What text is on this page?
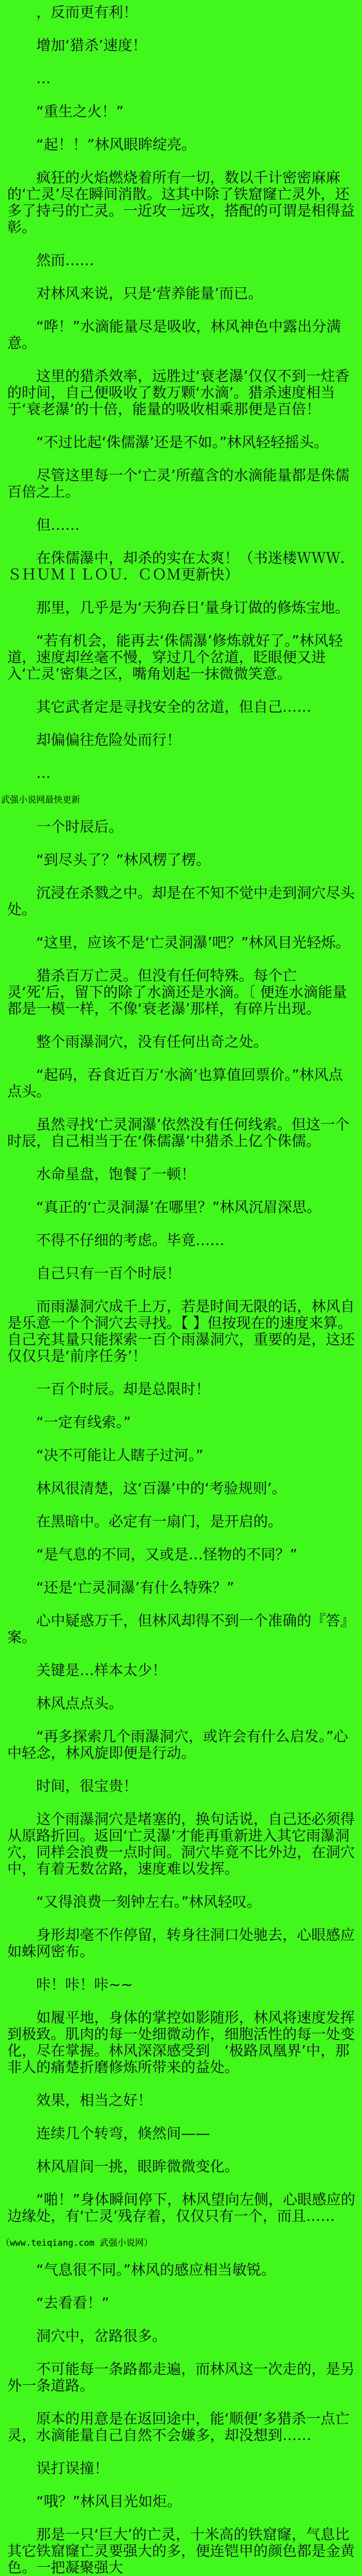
，反而更有利！

增加‘猎杀’速度！

…

“重生之火！”

“起！！”林风眼眸绽亮。

疯狂的火焰燃烧着所有一切，数以千计密密麻麻的‘亡灵’尽在瞬间消散。这其中除了铁窟窿亡灵外，还多了持弓的亡灵。一近攻一远攻，搭配的可谓是相得益彰。

然而……

对林风来说，只是‘营养能量’而已。

“哗！”水滴能量尽是吸收，林风神色中露出分满意。

这里的猎杀效率，远胜过‘衰老瀑’仅仅不到一炷香的时间，自己便吸收了数万颗‘水滴’。猎杀速度相当于‘衰老瀑’的十倍，能量的吸收相乘那便是百倍！

“不过比起‘侏儒瀑’还是不如。”林风轻轻摇头。

尽管这里每一个‘亡灵’所蕴含的水滴能量都是侏儒百倍之上。

但……

在侏儒瀑中，却杀的实在太爽！（书迷楼ＷＷＷ．ＳＨＵＭＩＬＯＵ．ＣＯＭ更新快）

那里，几乎是为‘天狗吞日’量身订做的修炼宝地。

“若有机会，能再去‘侏儒瀑’修炼就好了。”林风轻道，速度却丝毫不慢，穿过几个岔道，眨眼便又进入‘亡灵’密集之区，嘴角划起一抹微微笑意。

其它武者定是寻找安全的岔道，但自己……

却偏偏往危险处而行！

…

武强小说网最快更新

一个时辰后。

“到尽头了？”林风楞了楞。

沉浸在杀戮之中。却是在不知不觉中走到洞穴尽头处。

“这里，应该不是‘亡灵洞瀑’吧？”林风目光轻烁。

猎杀百万亡灵。但没有任何特殊。每个亡灵‘死’后，留下的除了水滴还是水滴。〔 便连水滴能量都是一模一样，不像‘衰老瀑’那样，有碎片出现。

整个雨瀑洞穴，没有任何出奇之处。

“起码，吞食近百万‘水滴’也算值回票价。”林风点点头。

虽然寻找‘亡灵洞瀑’依然没有任何线索。但这一个时辰，自己相当于在‘侏儒瀑’中猎杀上亿个侏儒。

水命星盘，饱餐了一顿！

“真正的‘亡灵洞瀑’在哪里？”林风沉眉深思。

不得不仔细的考虑。毕竟……

自己只有一百个时辰！

而雨瀑洞穴成千上万，若是时间无限的话，林风自是乐意一个个洞穴去寻找。【 】但按现在的速度来算。自己充其量只能探索一百个雨瀑洞穴，重要的是，这还仅仅只是‘前序任务’！

一百个时辰。却是总限时！

“一定有线索。”

“决不可能让人瞎子过河。”

林风很清楚，这‘百瀑’中的‘考验规则’。

在黑暗中。必定有一扇门，是开启的。

“是气息的不同，又或是…怪物的不同？”

“还是‘亡灵洞瀑’有什么特殊？”

心中疑惑万千，但林风却得不到一个准确的『答』案。

关键是…样本太少！

林风点点头。

“再多探索几个雨瀑洞穴，或许会有什么启发。”心中轻念，林风旋即便是行动。

时间，很宝贵！

这个雨瀑洞穴是堵塞的，换句话说，自己还必须得从原路折回。返回‘亡灵瀑’才能再重新进入其它雨瀑洞穴，同样会浪费一点时间。洞穴毕竟不比外边，在洞穴中，有着无数岔路，速度难以发挥。

“又得浪费一刻钟左右。”林风轻叹。

身形却毫不作停留，转身往洞口处驰去，心眼感应如蛛网密布。

咔！咔！咔~~

如履平地，身体的掌控如影随形，林风将速度发挥到极致。肌肉的每一处细微动作，细胞活性的每一处变化，尽在掌握。林风深深感受到　‘极路凤凰界’中，那非人的痛楚折磨修炼所带来的益处。

效果，相当之好！

连续几个转弯，倏然间——

林风眉间一挑，眼眸微微变化。

“啪！”身体瞬间停下，林风望向左侧，心眼感应的边缘处，有‘亡灵’残存着，仅仅只有一个，而且……

（www.teiqiang.com 武强小说网）

“气息很不同。”林风的感应相当敏锐。

“去看看！”

洞穴中，岔路很多。

不可能每一条路都走遍，而林风这一次走的，是另外一条道路。

原本的用意是在返回途中，能‘顺便’多猎杀一点亡灵，水滴能量自己自然不会嫌多，却没想到……

误打误撞！

“哦？”林风目光如炬。

那是一只‘巨大’的亡灵，十米高的铁窟窿，气息比其它铁窟窿亡灵要强大的多，便连铠甲的颜色都是金黄色。一把凝聚强大
